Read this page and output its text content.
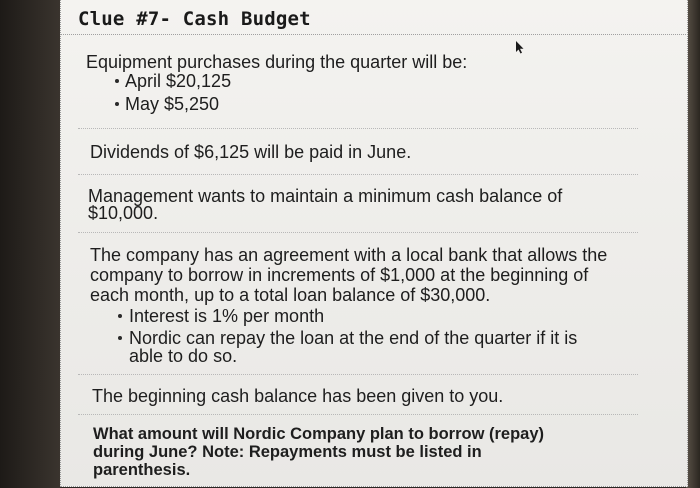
Clue #7- Cash Budget
Equipment purchases during the quarter will be:
April $20,125
May $5,250
Dividends of $6,125 will be paid in June.
Management wants to maintain a minimum cash balance of
$10,000.
The company has an agreement with a local bank that allows the
company to borrow in increments of $1,000 at the beginning of
each month, up to a total loan balance of $30,000.
Interest is 1% per month
Nordic can repay the loan at the end of the quarter if it is
able to do so.
The beginning cash balance has been given to you.
What amount will Nordic Company plan to borrow (repay)
during June? Note: Repayments must be listed in
parenthesis.
